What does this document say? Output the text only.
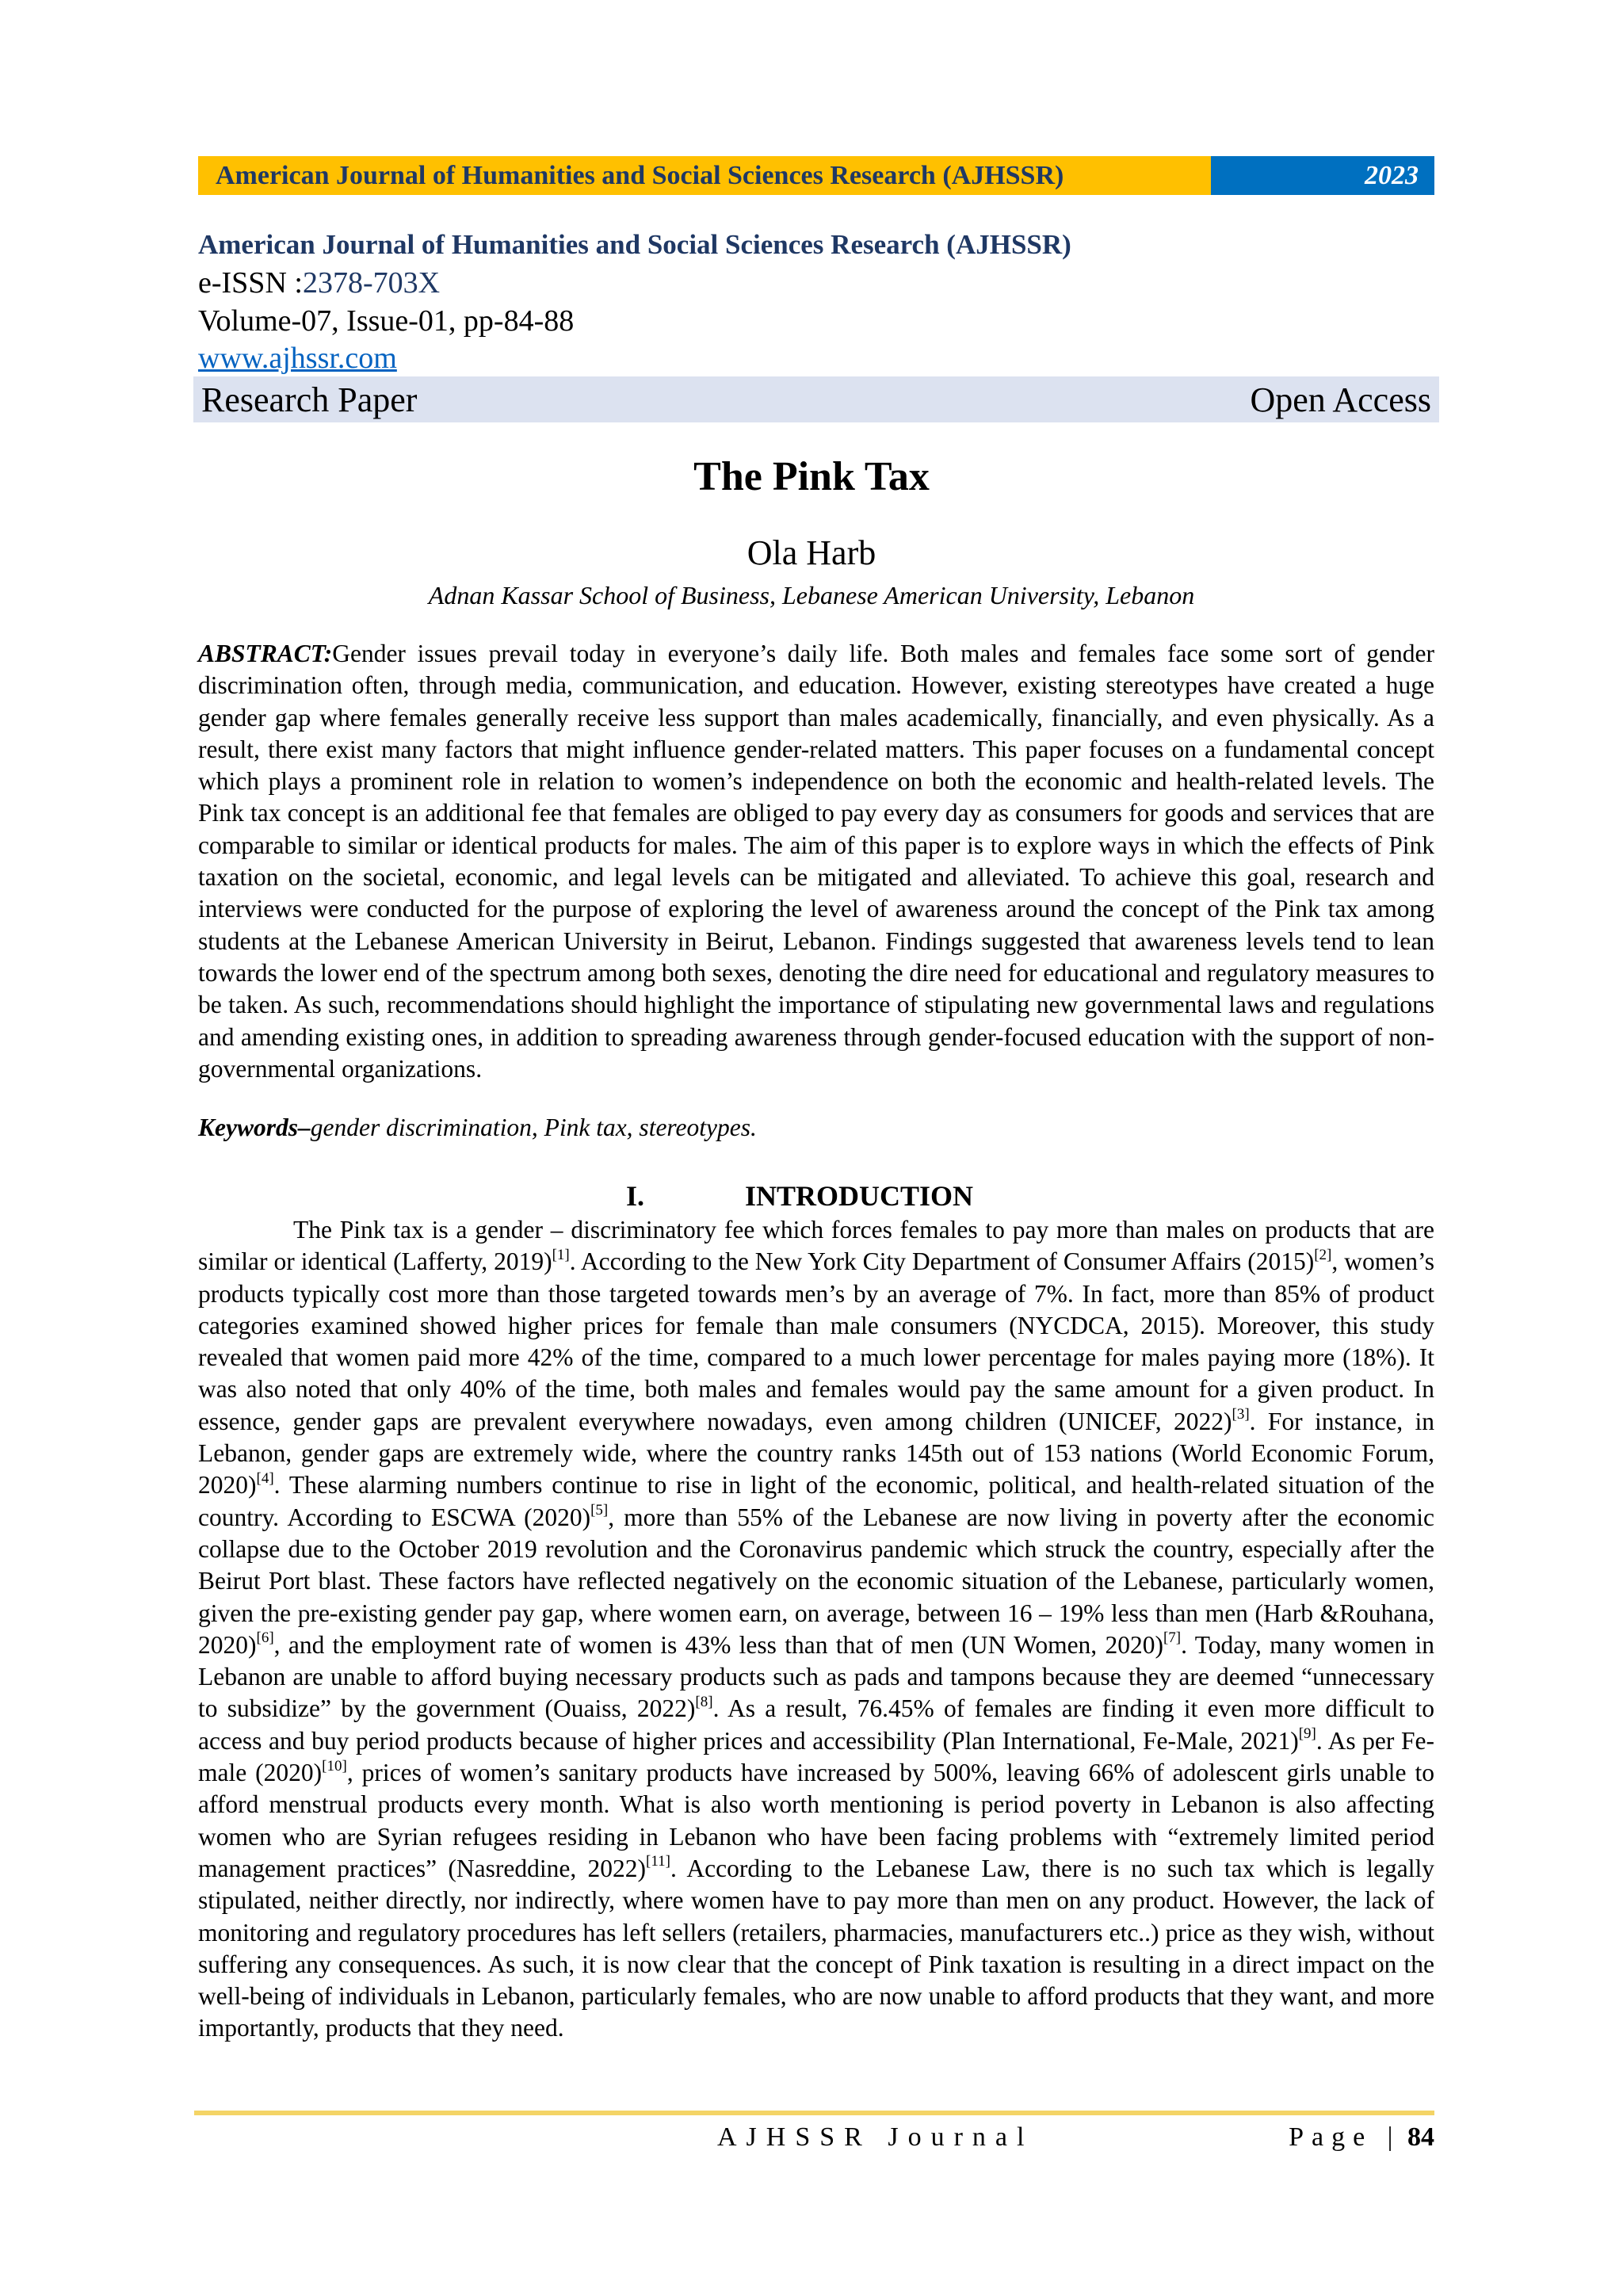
American Journal of Humanities and Social Sciences Research (AJHSSR)	2023
American Journal of Humanities and Social Sciences Research (AJHSSR)
e-ISSN :2378-703X
Volume-07, Issue-01, pp-84-88
www.ajhssr.com
Research Paper	Open Access
The Pink Tax
Ola Harb
Adnan Kassar School of Business, Lebanese American University, Lebanon
ABSTRACT:Gender issues prevail today in everyone’s daily life. Both males and females face some sort of gender discrimination often, through media, communication, and education. However, existing stereotypes have created a huge gender gap where females generally receive less support than males academically, financially, and even physically. As a result, there exist many factors that might influence gender-related matters. This paper focuses on a fundamental concept which plays a prominent role in relation to women’s independence on both the economic and health-related levels. The Pink tax concept is an additional fee that females are obliged to pay every day as consumers for goods and services that are comparable to similar or identical products for males. The aim of this paper is to explore ways in which the effects of Pink taxation on the societal, economic, and legal levels can be mitigated and alleviated. To achieve this goal, research and interviews were conducted for the purpose of exploring the level of awareness around the concept of the Pink tax among students at the Lebanese American University in Beirut, Lebanon. Findings suggested that awareness levels tend to lean towards the lower end of the spectrum among both sexes, denoting the dire need for educational and regulatory measures to be taken. As such, recommendations should highlight the importance of stipulating new governmental laws and regulations and amending existing ones, in addition to spreading awareness through gender-focused education with the support of non-governmental organizations.
Keywords–gender discrimination, Pink tax, stereotypes.
I.	INTRODUCTION
The Pink tax is a gender – discriminatory fee which forces females to pay more than males on products that are similar or identical (Lafferty, 2019)[1]. According to the New York City Department of Consumer Affairs (2015)[2], women’s products typically cost more than those targeted towards men’s by an average of 7%. In fact, more than 85% of product categories examined showed higher prices for female than male consumers (NYCDCA, 2015). Moreover, this study revealed that women paid more 42% of the time, compared to a much lower percentage for males paying more (18%). It was also noted that only 40% of the time, both males and females would pay the same amount for a given product. In essence, gender gaps are prevalent everywhere nowadays, even among children (UNICEF, 2022)[3]. For instance, in Lebanon, gender gaps are extremely wide, where the country ranks 145th out of 153 nations (World Economic Forum, 2020)[4]. These alarming numbers continue to rise in light of the economic, political, and health-related situation of the country. According to ESCWA (2020)[5], more than 55% of the Lebanese are now living in poverty after the economic collapse due to the October 2019 revolution and the Coronavirus pandemic which struck the country, especially after the Beirut Port blast. These factors have reflected negatively on the economic situation of the Lebanese, particularly women, given the pre-existing gender pay gap, where women earn, on average, between 16 – 19% less than men (Harb &Rouhana, 2020)[6], and the employment rate of women is 43% less than that of men (UN Women, 2020)[7]. Today, many women in Lebanon are unable to afford buying necessary products such as pads and tampons because they are deemed “unnecessary to subsidize” by the government (Ouaiss, 2022)[8]. As a result, 76.45% of females are finding it even more difficult to access and buy period products because of higher prices and accessibility (Plan International, Fe-Male, 2021)[9]. As per Fe-male (2020)[10], prices of women’s sanitary products have increased by 500%, leaving 66% of adolescent girls unable to afford menstrual products every month. What is also worth mentioning is period poverty in Lebanon is also affecting women who are Syrian refugees residing in Lebanon who have been facing problems with “extremely limited period management practices” (Nasreddine, 2022)[11]. According to the Lebanese Law, there is no such tax which is legally stipulated, neither directly, nor indirectly, where women have to pay more than men on any product. However, the lack of monitoring and regulatory procedures has left sellers (retailers, pharmacies, manufacturers etc..) price as they wish, without suffering any consequences. As such, it is now clear that the concept of Pink taxation is resulting in a direct impact on the well-being of individuals in Lebanon, particularly females, who are now unable to afford products that they want, and more importantly, products that they need.
AJHSSR Journal	Page | 84
